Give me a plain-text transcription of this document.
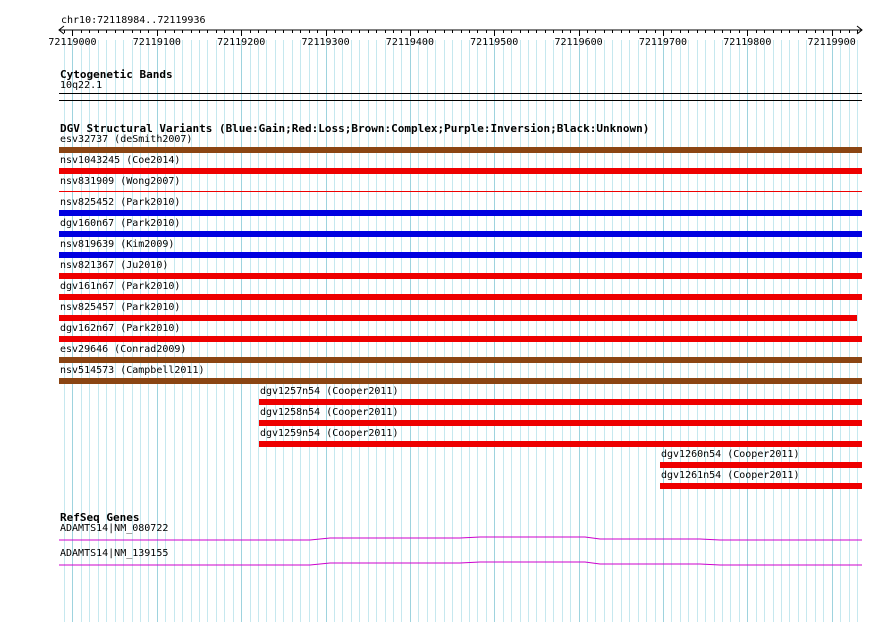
72119000	72119100	72119200	72119300	72119400	72119500	72119600	72119700	72119800	72119900
chr10:72118984..72119936
Cytogenetic Bands
10q22.1
DGV Structural Variants (Blue:Gain;Red:Loss;Brown:Complex;Purple:Inversion;Black:Unknown)
esv32737 (deSmith2007)
nsv1043245 (Coe2014)
nsv831909 (Wong2007)
nsv825452 (Park2010)
dgv160n67 (Park2010)
nsv819639 (Kim2009)
nsv821367 (Ju2010)
dgv161n67 (Park2010)
nsv825457 (Park2010)
dgv162n67 (Park2010)
esv29646 (Conrad2009)
nsv514573 (Campbell2011)
dgv1257n54 (Cooper2011)
dgv1258n54 (Cooper2011)
dgv1259n54 (Cooper2011)
dgv1260n54 (Cooper2011)
dgv1261n54 (Cooper2011)
RefSeq Genes
ADAMTS14|NM_080722
ADAMTS14|NM_139155
